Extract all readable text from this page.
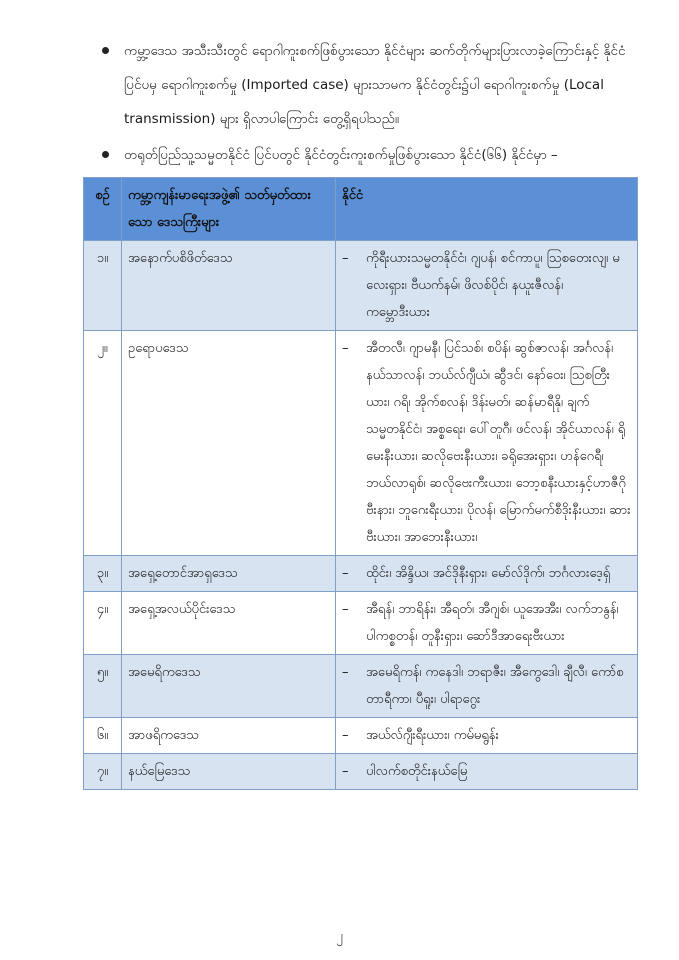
ကမ္ဘာ့ဒေသ အသီးသီးတွင် ရောဂါကူးစက်ဖြစ်ပွားသော နိုင်ငံများ ဆက်တိုက်များပြားလာခဲ့ကြောင်းနှင့် နိုင်ငံပြင်ပမှ ရောဂါကူးစက်မှု (Imported case) များသာမက နိုင်ငံတွင်း၌ပါ ရောဂါကူးစက်မှု (Local transmission) များ ရှိလာပါကြောင်း တွေ့ရှိရပါသည်။
တရုတ်ပြည်သူ့သမ္မတနိုင်ငံ ပြင်ပတွင် နိုင်ငံတွင်းကူးစက်မှုဖြစ်ပွားသော နိုင်ငံ(၆၆) နိုင်ငံမှာ –
စဉ်	ကမ္ဘာ့ကျန်းမာရေးအဖွဲ့၏ သတ်မှတ်ထားသော ဒေသကြီးများ	နိုင်ငံ
၁။	အနောက်ပစိဖိတ်ဒေသ	– ကိုရီးယားသမ္မတနိုင်ငံ၊ ဂျပန်၊ စင်ကာပူ၊ သြစတေးလျ၊ မလေးရှား၊ ဗီယက်နမ်၊ ဖိလစ်ပိုင်၊ နယူးဇီလန်၊ ကမ္ဘောဒီးယား

၂။	ဥရောပဒေသ	– အီတလီ၊ ဂျာမနီ၊ ပြင်သစ်၊ စပိန်၊ ဆွစ်ဇာလန်၊ အင်္ဂလန်၊ နယ်သာလန်၊ ဘယ်လ်ဂျီယံ၊ ဆွီဒင်၊ နော်ဝေး၊ သြစတြီးယား၊ ဂရိ၊ အိုက်စလန်၊ ဒိန်းမတ်၊ ဆန်မာရီနို၊ ချက်သမ္မတနိုင်ငံ၊ အစ္စရေး၊ ပေါ်တူဂီ၊ ဖင်လန်၊ အိုင်ယာလန်၊ ရိုမေးနီးယား၊ ဆလိုဗေးနီးယား၊ ခရိုအေးရှား၊ ဟန်ဂေရီ၊ ဘယ်လာရုစ်၊ ဆလိုဗေးကီးယား၊ ဘော့စနီးယားနှင့်ဟာဇီဂိုဗီးနား၊ ဘူဂေးရီးယား၊ ပိုလန်၊ မြောက်မက်စီဒိုးနီးယား၊ ဆားဗီးယား၊ အာဘေးနီးယား၊

၃။	အရှေ့တောင်အာရှဒေသ	– ထိုင်း၊ အိန္ဒိယ၊ အင်ဒိုနီးရှား၊ မော်လ်ဒိုက်၊ ဘင်္ဂလားဒေ့ရှ်

၄။	အရှေ့အလယ်ပိုင်းဒေသ	– အီရန်၊ ဘာရိန်း၊ အီရတ်၊ အီဂျစ်၊ ယူအေအီး၊ လက်ဘနွန်၊ ပါကစ္စတန်၊ တူနီးရှား၊ ဆော်ဒီအာရေးဗီးယား

၅။	အမေရိကဒေသ	– အမေရိကန်၊ ကနေဒါ၊ ဘရာဇီး၊ အီကွေဒေါ၊ ချီလီ၊ ကော်စတာရီကာ၊ ပီရူး၊ ပါရာဂွေး

၆။	အာဖရိကဒေသ	– အယ်လ်ဂျီးရီးယား၊ ကမ်မရွန်း

၇။	နယ်မြေဒေသ	– ပါလက်စတိုင်းနယ်မြေ
၂
